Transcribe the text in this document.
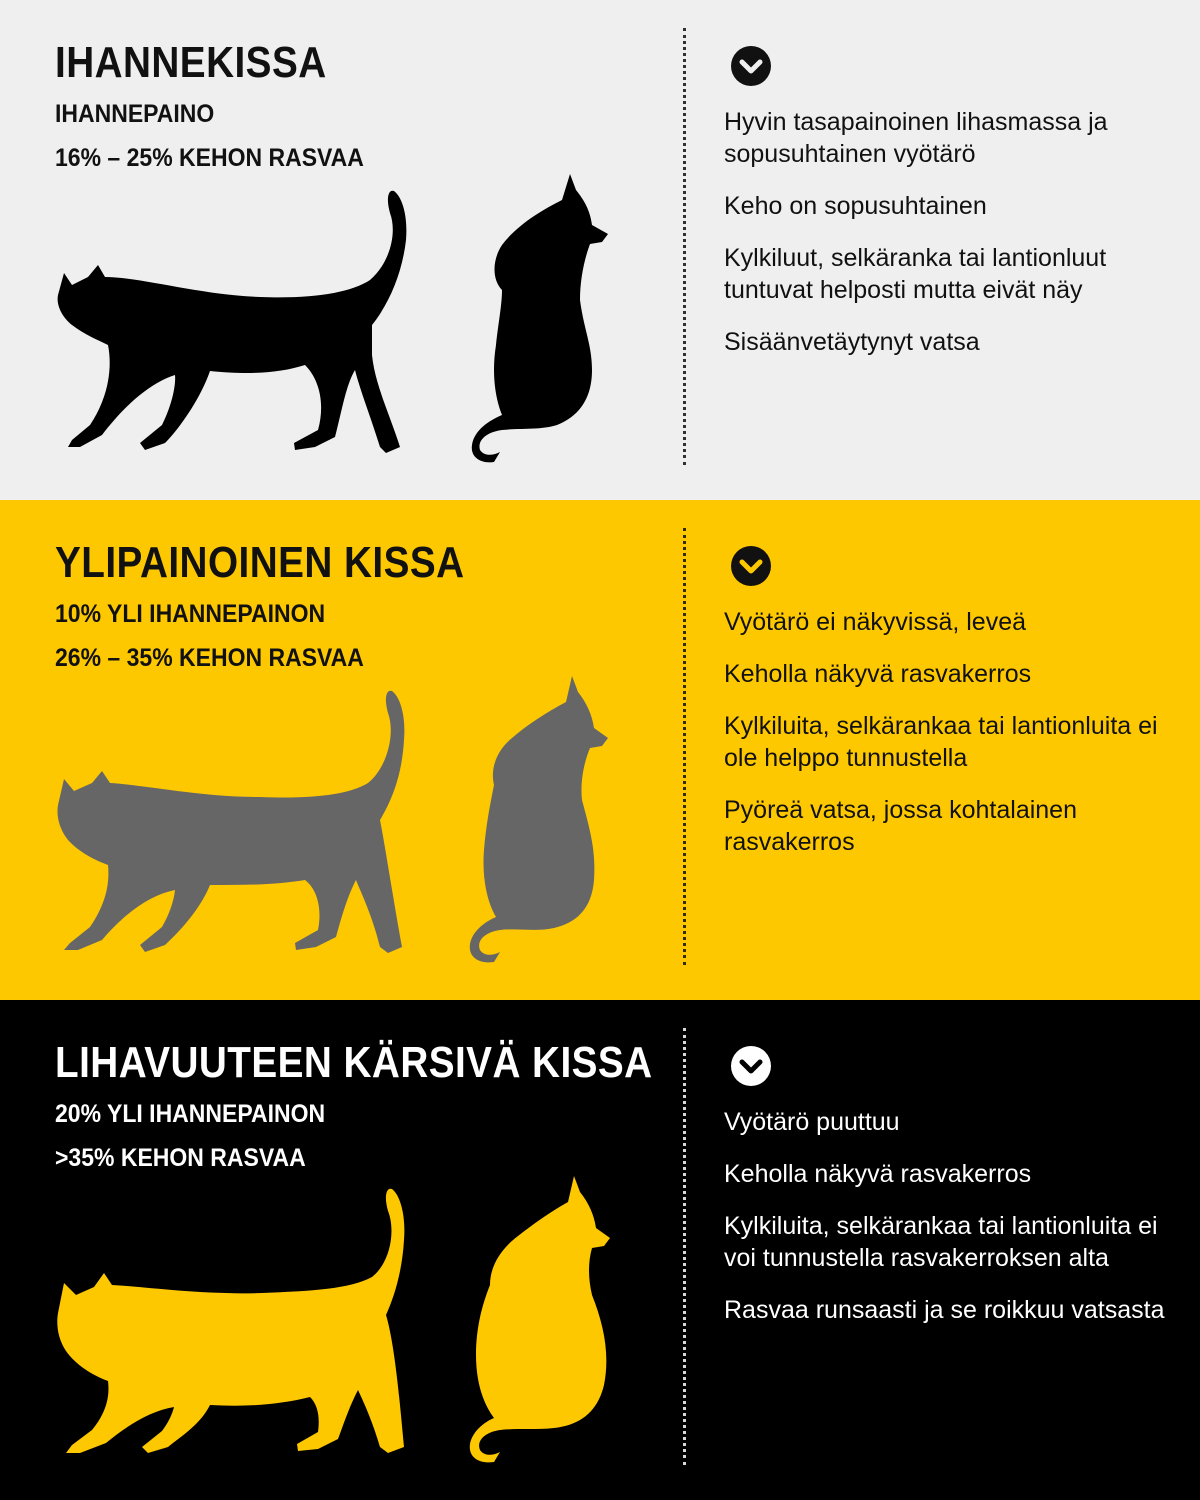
IHANNEKISSA
IHANNEPAINO
16% – 25% KEHON RASVAA
Hyvin tasapainoinen lihasmassa ja sopusuhtainen vyötärö
Keho on sopusuhtainen
Kylkiluut, selkäranka tai lantionluut tuntuvat helposti mutta eivät näy
Sisäänvetäytynyt vatsa
YLIPAINOINEN KISSA
10% YLI IHANNEPAINON
26% – 35% KEHON RASVAA
Vyötärö ei näkyvissä, leveä
Keholla näkyvä rasvakerros
Kylkiluita, selkärankaa tai lantionluita ei ole helppo tunnustella
Pyöreä vatsa, jossa kohtalainen rasvakerros
LIHAVUUTEEN KÄRSIVÄ KISSA
20% YLI IHANNEPAINON
>35% KEHON RASVAA
Vyötärö puuttuu
Keholla näkyvä rasvakerros
Kylkiluita, selkärankaa tai lantionluita ei voi tunnustella rasvakerroksen alta
Rasvaa runsaasti ja se roikkuu vatsasta
